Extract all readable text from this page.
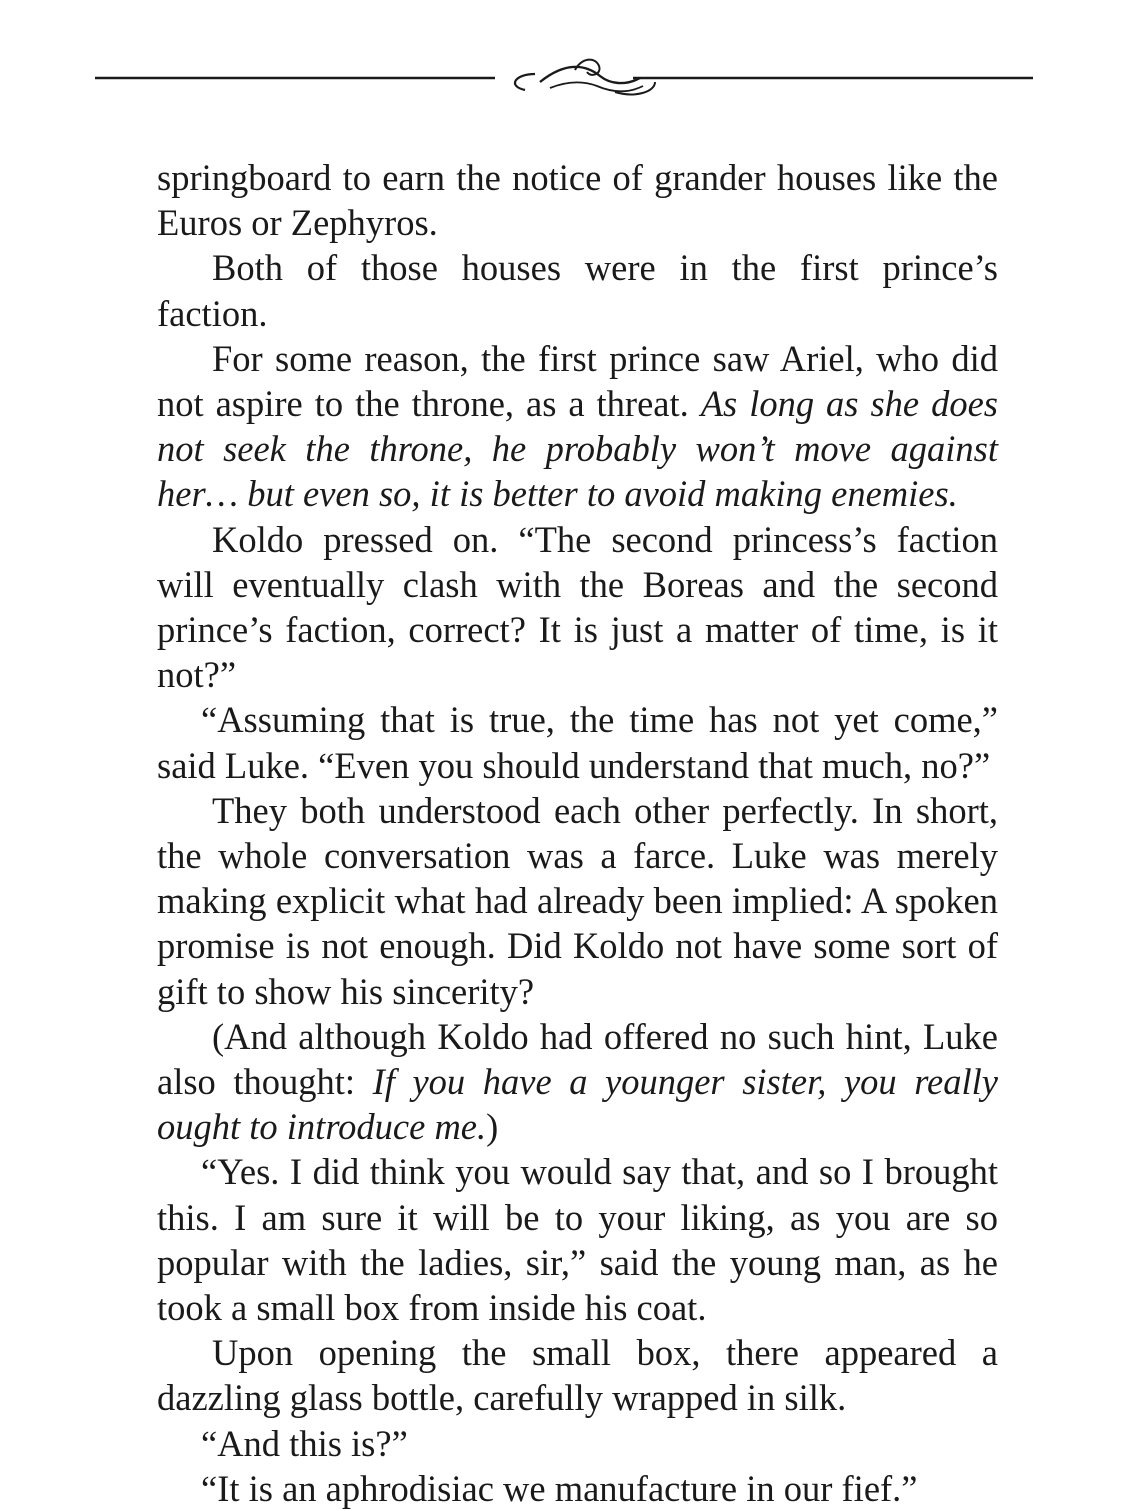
springboard to earn the notice of grander houses like the Euros or Zephyros.

Both of those houses were in the first prince’s faction.

For some reason, the first prince saw Ariel, who did not aspire to the throne, as a threat. As long as she does not seek the throne, he probably won’t move against her… but even so, it is better to avoid making enemies.

Koldo pressed on. “The second princess’s faction will eventually clash with the Boreas and the second prince’s faction, correct? It is just a matter of time, is it not?”

“Assuming that is true, the time has not yet come,” said Luke. “Even you should understand that much, no?”

They both understood each other perfectly. In short, the whole conversation was a farce. Luke was merely making explicit what had already been implied: A spoken promise is not enough. Did Koldo not have some sort of gift to show his sincerity?

(And although Koldo had offered no such hint, Luke also thought: If you have a younger sister, you really ought to introduce me.)

“Yes. I did think you would say that, and so I brought this. I am sure it will be to your liking, as you are so popular with the ladies, sir,” said the young man, as he took a small box from inside his coat.

Upon opening the small box, there appeared a dazzling glass bottle, carefully wrapped in silk.

“And this is?”

“It is an aphrodisiac we manufacture in our fief.”
